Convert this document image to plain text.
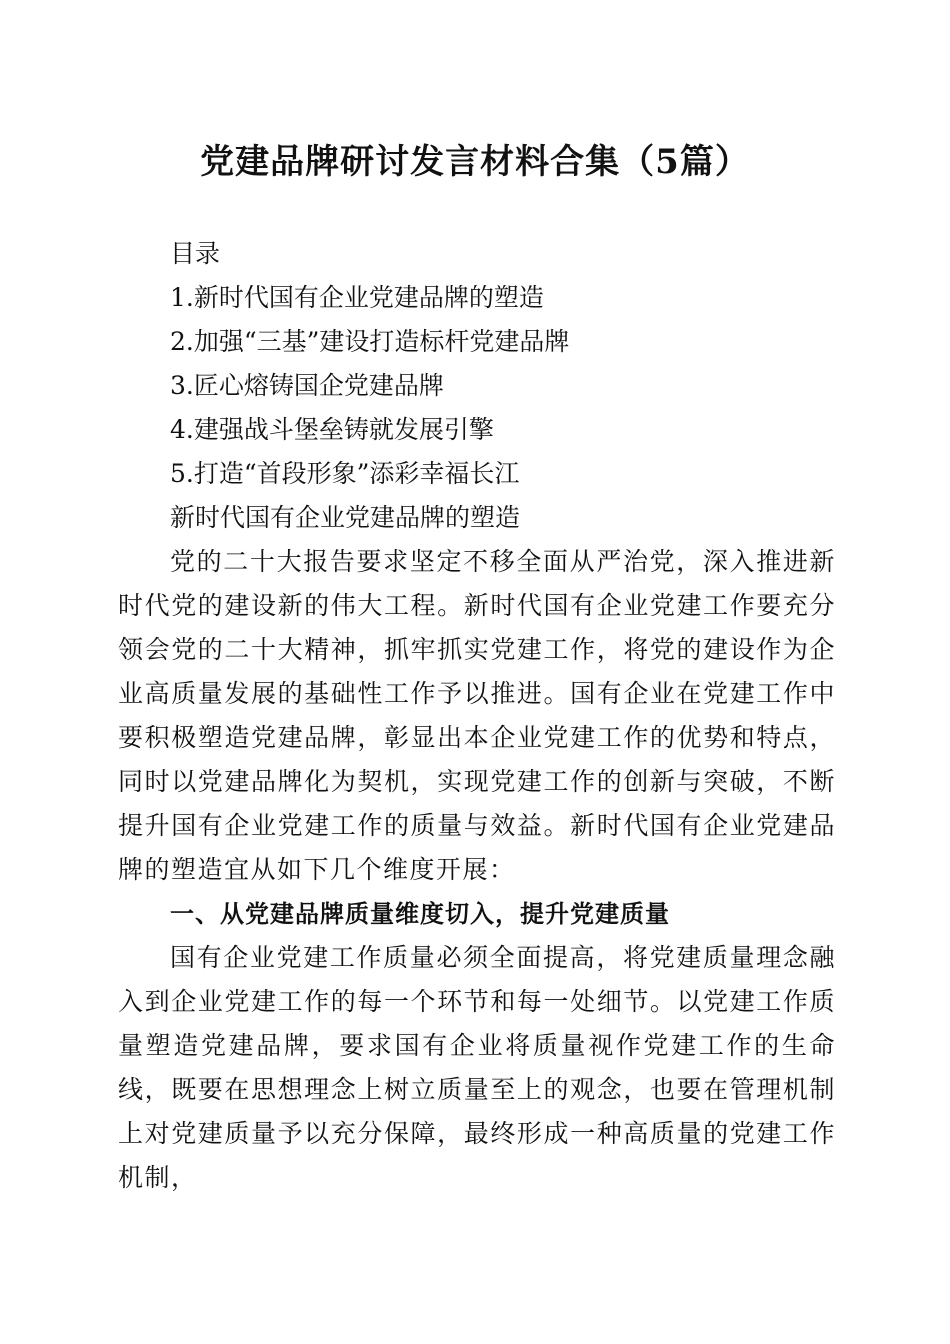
党建品牌研讨发言材料合集（5篇）

目录

1.新时代国有企业党建品牌的塑造

2.加强“三基”建设打造标杆党建品牌

3.匠心熔铸国企党建品牌

4.建强战斗堡垒铸就发展引擎

5.打造“首段形象”添彩幸福长江

新时代国有企业党建品牌的塑造

党的二十大报告要求坚定不移全面从严治党，深入推进新时代党的建设新的伟大工程。新时代国有企业党建工作要充分领会党的二十大精神，抓牢抓实党建工作，将党的建设作为企业高质量发展的基础性工作予以推进。国有企业在党建工作中要积极塑造党建品牌，彰显出本企业党建工作的优势和特点，同时以党建品牌化为契机，实现党建工作的创新与突破，不断提升国有企业党建工作的质量与效益。新时代国有企业党建品牌的塑造宜从如下几个维度开展：

一、从党建品牌质量维度切入，提升党建质量

国有企业党建工作质量必须全面提高，将党建质量理念融入到企业党建工作的每一个环节和每一处细节。以党建工作质量塑造党建品牌，要求国有企业将质量视作党建工作的生命线，既要在思想理念上树立质量至上的观念，也要在管理机制上对党建质量予以充分保障，最终形成一种高质量的党建工作机制，
